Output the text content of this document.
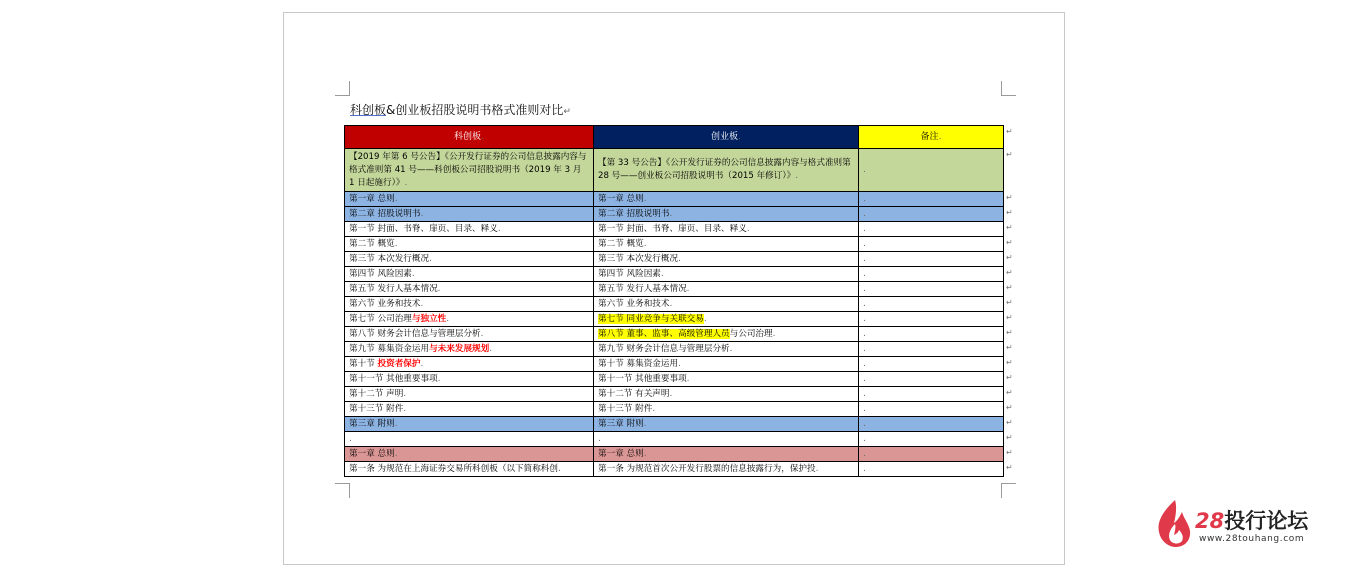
科创板&创业板招股说明书格式准则对比↵
科创板.	创业板.	备注.
【2019 年第 6 号公告】《公开发行证券的公司信息披露内容与格式准则第 41 号——科创板公司招股说明书（2019 年 3 月 1 日起施行）》.	【第 33 号公告】《公开发行证券的公司信息披露内容与格式准则第 28 号——创业板公司招股说明书（2015 年修订）》.	.
第一章 总则.	第一章 总则.	.
第二章 招股说明书.	第二章 招股说明书.	.
第一节 封面、书脊、扉页、目录、释义.	第一节 封面、书脊、扉页、目录、释义.	.
第二节 概览.	第二节 概览.	.
第三节 本次发行概况.	第三节 本次发行概况.	.
第四节 风险因素.	第四节 风险因素.	.
第五节 发行人基本情况.	第五节 发行人基本情况.	.
第六节 业务和技术.	第六节 业务和技术.	.
第七节 公司治理与独立性.	第七节 同业竞争与关联交易.	.
第八节 财务会计信息与管理层分析.	第八节 董事、监事、高级管理人员与公司治理.	.
第九节 募集资金运用与未来发展规划.	第九节 财务会计信息与管理层分析.	.
第十节 投资者保护.	第十节 募集资金运用.	.
第十一节 其他重要事项.	第十一节 其他重要事项.	.
第十二节 声明.	第十二节 有关声明.	.
第十三节 附件.	第十三节 附件.	.
第三章 附则.	第三章 附则.	.
.	.	.
第一章 总则.	第一章 总则.	.
第一条 为规范在上海证券交易所科创板（以下简称科创.	第一条 为规范首次公开发行股票的信息披露行为，保护投.	.
↵
↵
↵
↵
↵
↵
↵
↵
↵
↵
↵
↵
↵
↵
↵
↵
↵
↵
↵
↵
↵
28投行论坛
www.28touhang.com
